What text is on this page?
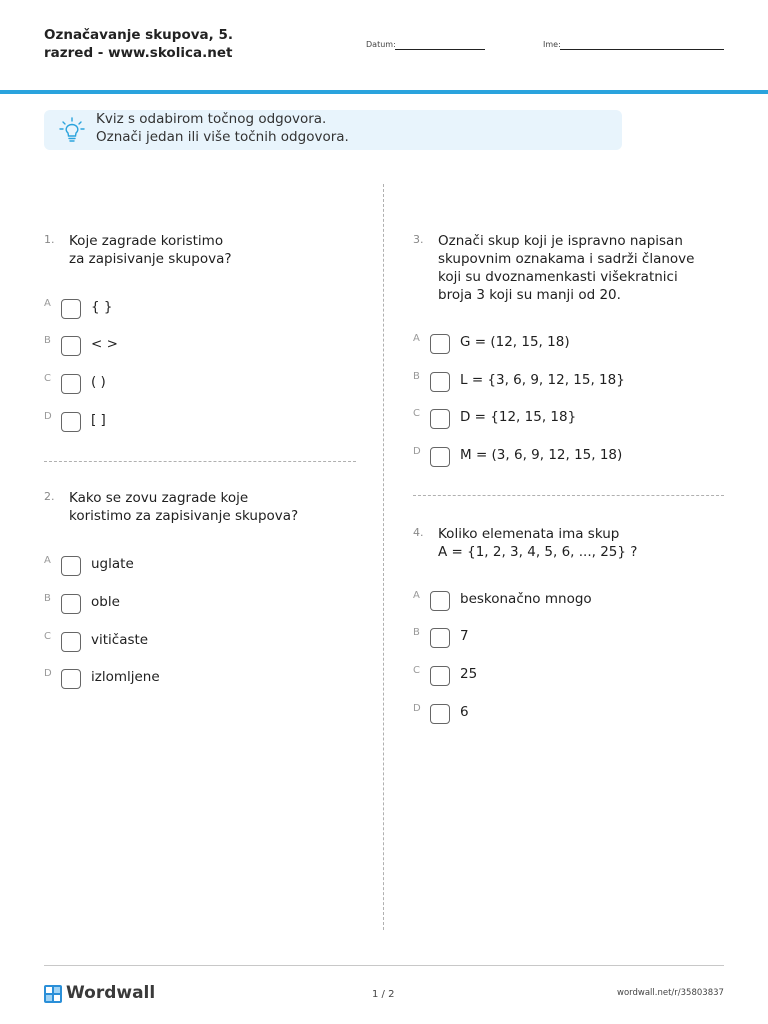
Označavanje skupova, 5.
razred - www.skolica.net
Datum:	Ime:
Kviz s odabirom točnog odgovora.
Označi jedan ili više točnih odgovora.
1. Koje zagrade koristimo
za zapisivanje skupova?
A	{ }
B	< >
C	( )
D	[ ]
2. Kako se zovu zagrade koje
koristimo za zapisivanje skupova?
A	uglate
B	oble
C	vitičaste
D	izlomljene
3. Označi skup koji je ispravno napisan
skupovnim oznakama i sadrži članove
koji su dvoznamenkasti višekratnici
broja 3 koji su manji od 20.
A	G = (12, 15, 18)
B	L = {3, 6, 9, 12, 15, 18}
C	D = {12, 15, 18}
D	M = (3, 6, 9, 12, 15, 18)
4. Koliko elemenata ima skup
A = {1, 2, 3, 4, 5, 6, ..., 25} ?
A	beskonačno mnogo
B	7
C	25
D	6
Wordwall	1 / 2	wordwall.net/r/35803837
